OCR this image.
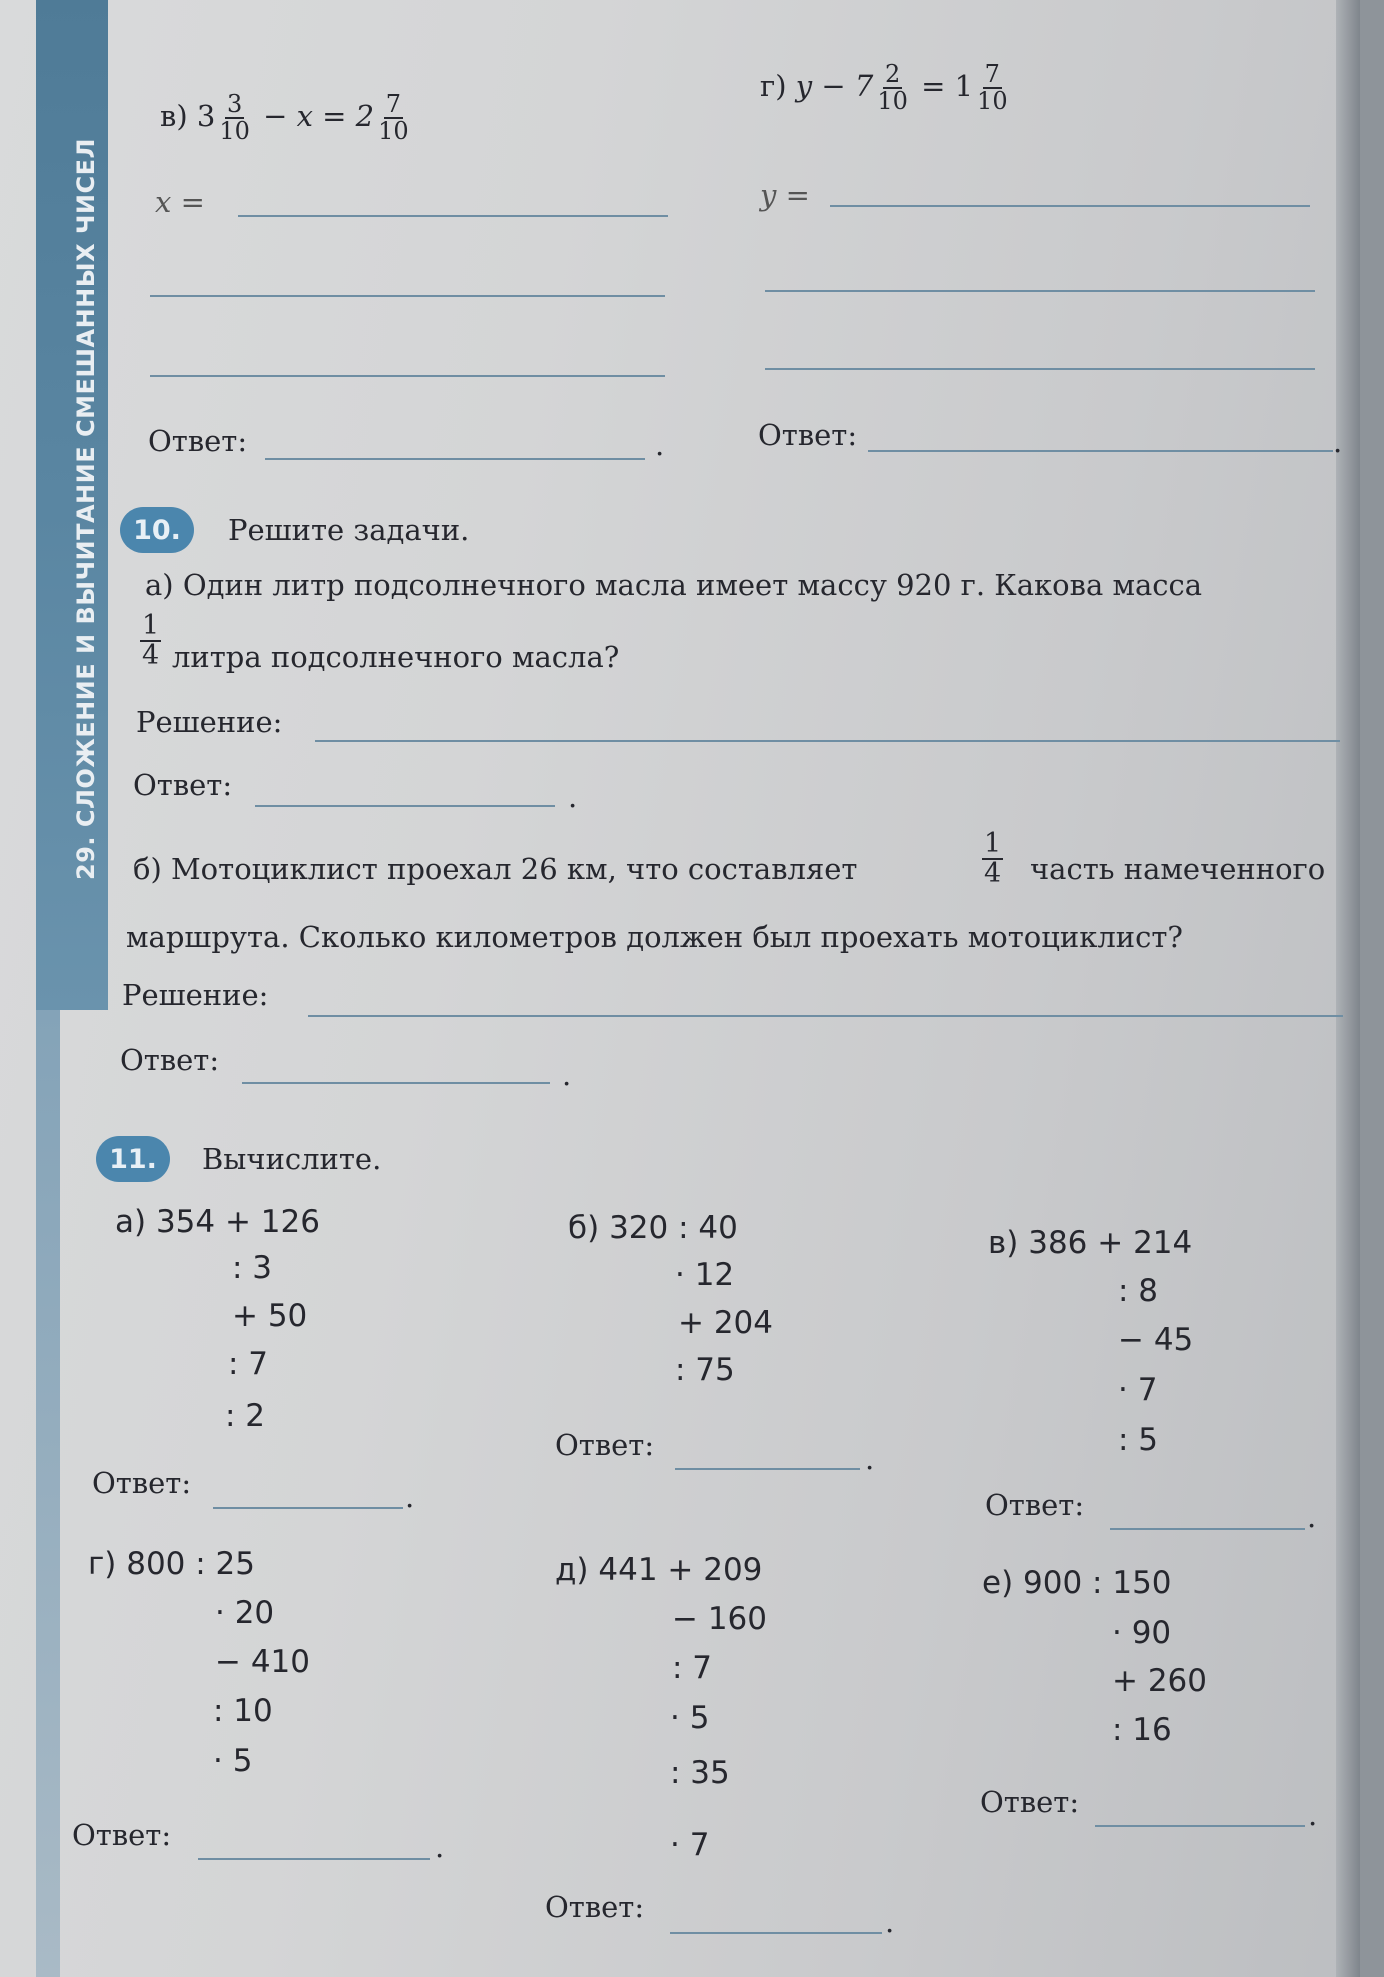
29. СЛОЖЕНИЕ И ВЫЧИТАНИЕ СМЕШАННЫХ ЧИСЕЛ
в) $3 \frac{3}{10} - x = 2 \frac{7}{10}$
x =
Ответ:	.
г) $y - 7 \frac{2}{10} = 1 \frac{7}{10}$
y =
Ответ:	.
10.	Решите задачи.
а) Один литр подсолнечного масла имеет массу 920 г. Какова масса
$\frac{1}{4}$ литра подсолнечного масла?
Решение:
Ответ:	.
б) Мотоциклист проехал 26 км, что составляет	$\frac{1}{4}$ часть намеченного
маршрута. Сколько километров должен был проехать мотоциклист?
Решение:
Ответ:	.
11.	Вычислите.
а) 354 + 126
: 3
+ 50
: 7
: 2
Ответ:	.
б) 320 : 40
· 12
+ 204
: 75
Ответ:	.
в) 386 + 214
: 8
− 45
· 7
: 5
Ответ:	.
г) 800 : 25
· 20
− 410
: 10
· 5
Ответ:	.
д) 441 + 209
− 160
: 7
· 5
: 35
· 7
Ответ:	.
е) 900 : 150
· 90
+ 260
: 16
Ответ:	.
